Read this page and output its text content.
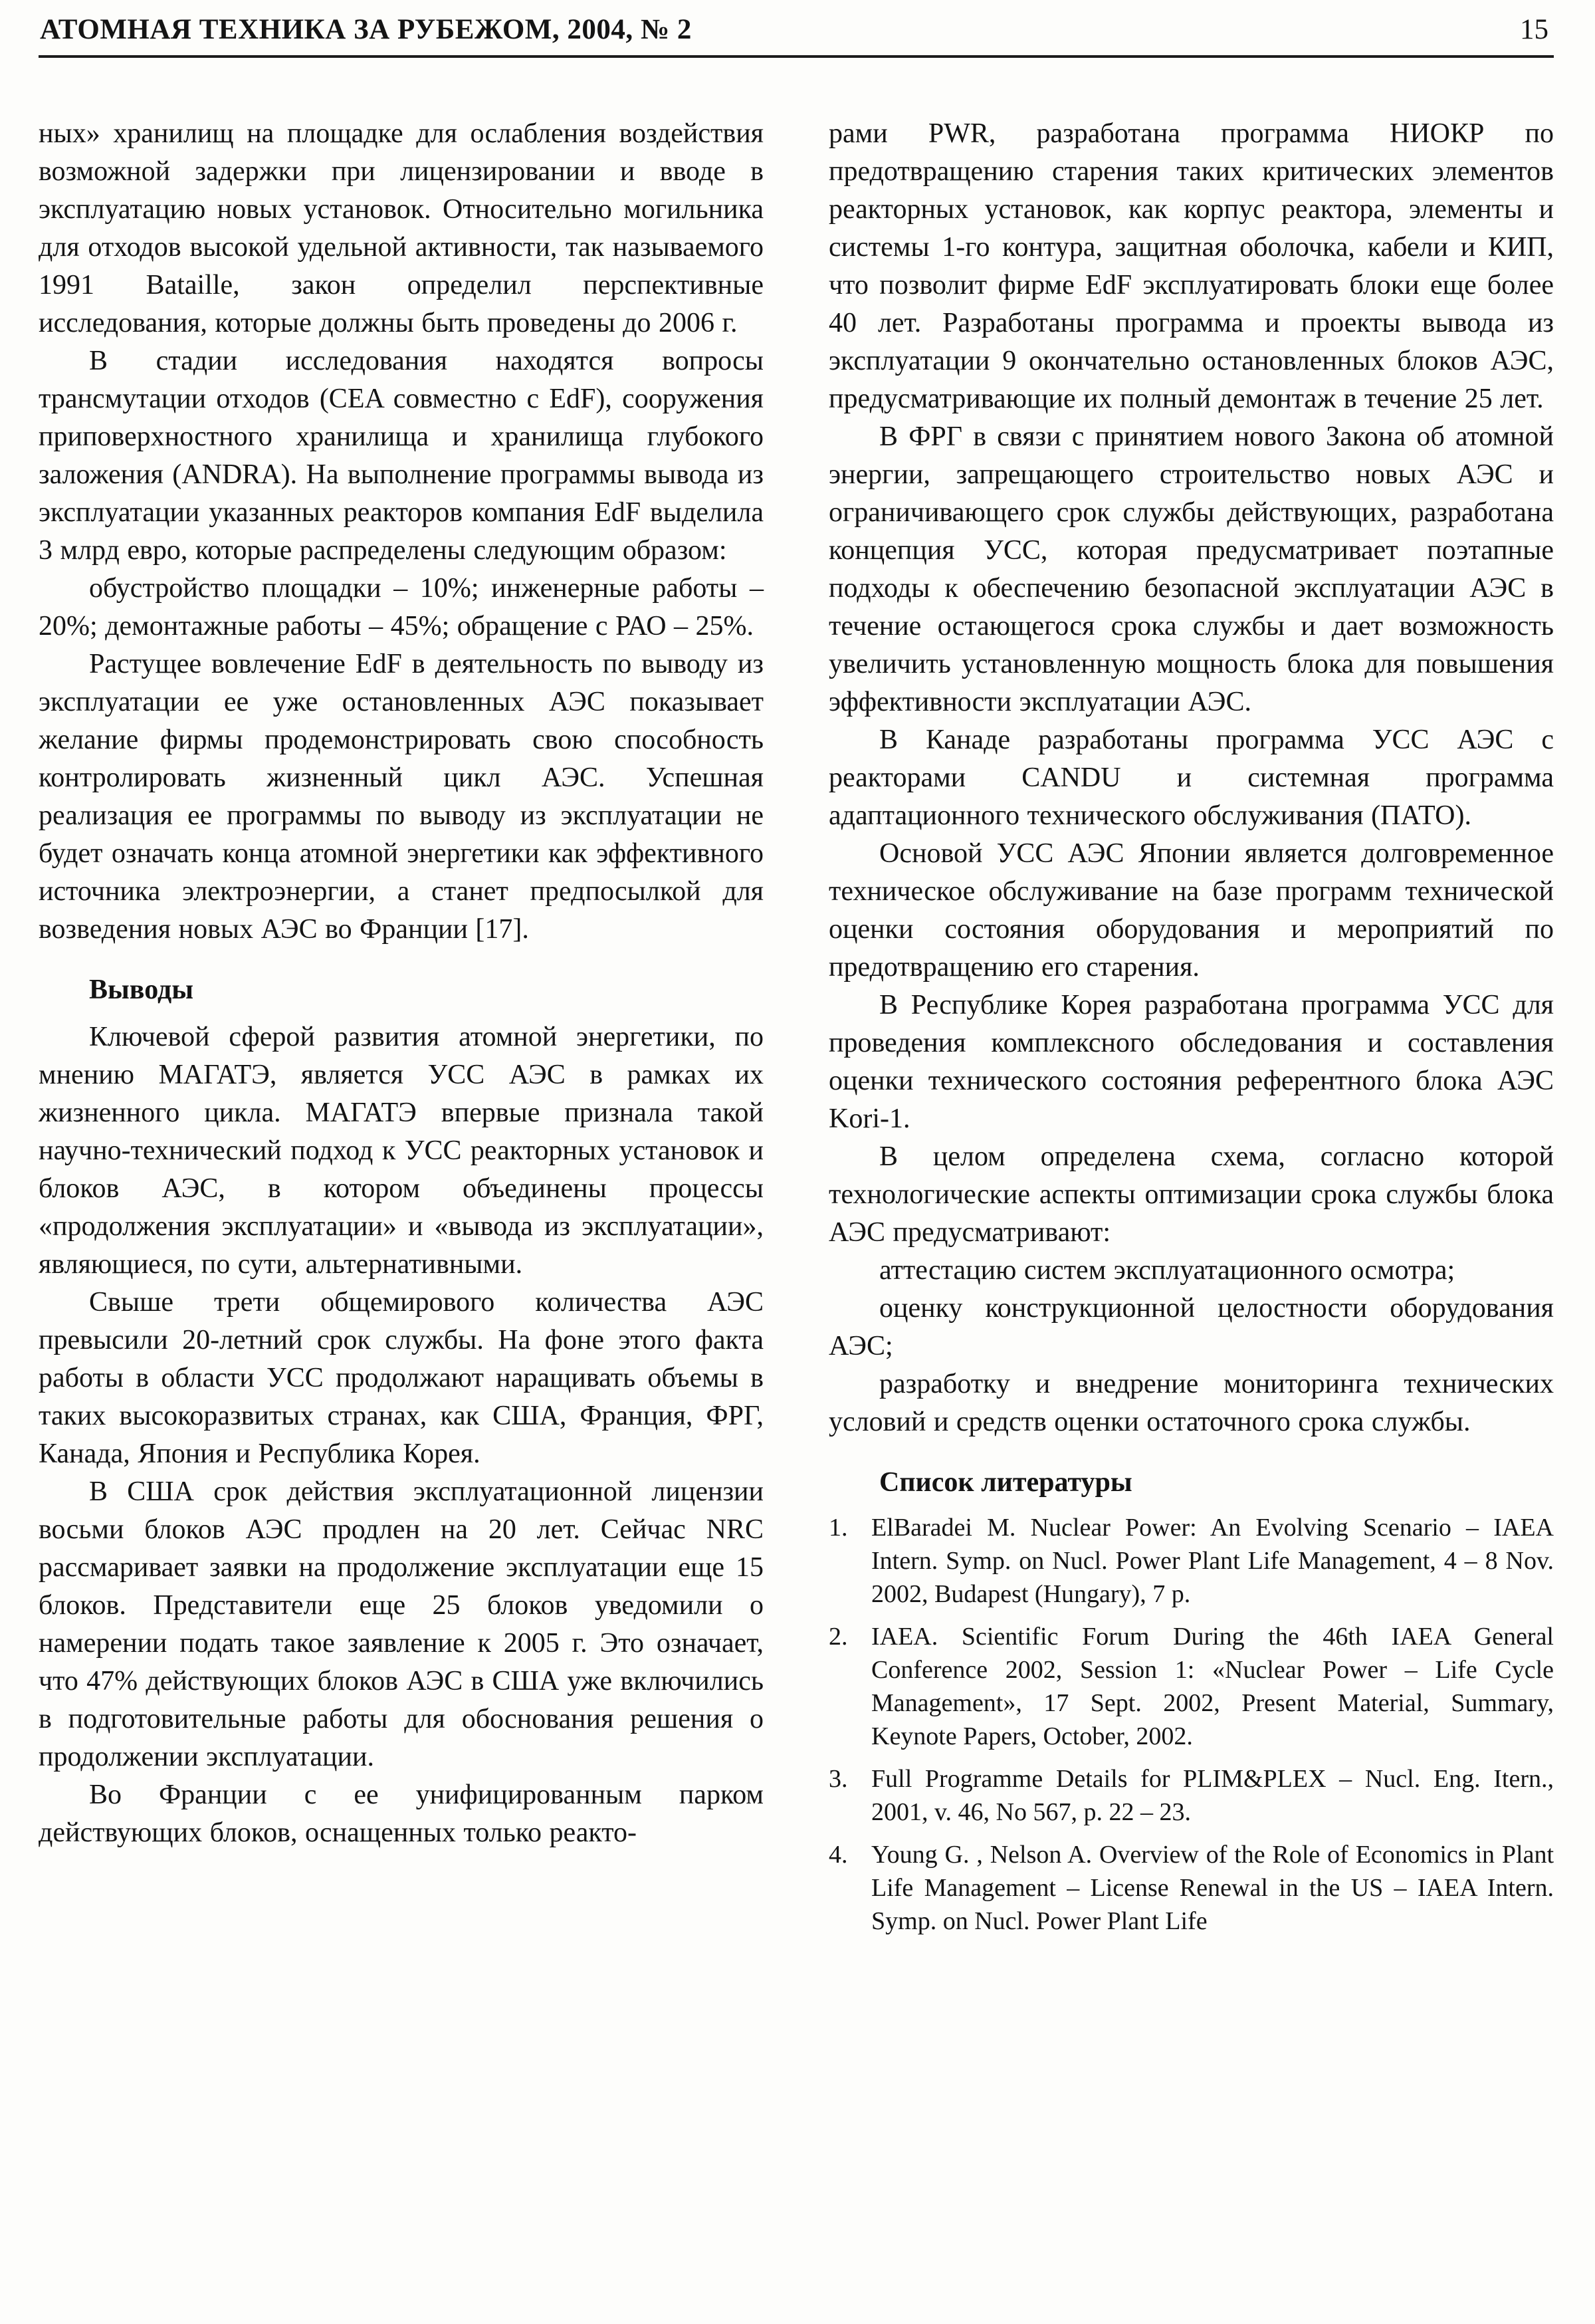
АТОМНАЯ ТЕХНИКА ЗА РУБЕЖОМ, 2004, № 2	15

ных» хранилищ на площадке для ослабления воздействия возможной задержки при лицензировании и вводе в эксплуатацию новых установок. Относительно могильника для отходов высокой удельной активности, так называемого 1991 Bataille, закон определил перспективные исследования, которые должны быть проведены до 2006 г.

В стадии исследования находятся вопросы трансмутации отходов (CEA совместно с EdF), сооружения приповерхностного хранилища и хранилища глубокого заложения (ANDRA). На выполнение программы вывода из эксплуатации указанных реакторов компания EdF выделила 3 млрд евро, которые распределены следующим образом:

обустройство площадки – 10%; инженерные работы – 20%; демонтажные работы – 45%; обращение с РАО – 25%.

Растущее вовлечение EdF в деятельность по выводу из эксплуатации ее уже остановленных АЭС показывает желание фирмы продемонстрировать свою способность контролировать жизненный цикл АЭС. Успешная реализация ее программы по выводу из эксплуатации не будет означать конца атомной энергетики как эффективного источника электроэнергии, а станет предпосылкой для возведения новых АЭС во Франции [17].

Выводы

Ключевой сферой развития атомной энергетики, по мнению МАГАТЭ, является УСС АЭС в рамках их жизненного цикла. МАГАТЭ впервые признала такой научно-технический подход к УСС реакторных установок и блоков АЭС, в котором объединены процессы «продолжения эксплуатации» и «вывода из эксплуатации», являющиеся, по сути, альтернативными.

Свыше трети общемирового количества АЭС превысили 20-летний срок службы. На фоне этого факта работы в области УСС продолжают наращивать объемы в таких высокоразвитых странах, как США, Франция, ФРГ, Канада, Япония и Республика Корея.

В США срок действия эксплуатационной лицензии восьми блоков АЭС продлен на 20 лет. Сейчас NRC рассмаривает заявки на продолжение эксплуатации еще 15 блоков. Представители еще 25 блоков уведомили о намерении подать такое заявление к 2005 г. Это означает, что 47% действующих блоков АЭС в США уже включились в подготовительные работы для обоснования решения о продолжении эксплуатации.

Во Франции с ее унифицированным парком действующих блоков, оснащенных только реакто-

рами PWR, разработана программа НИОКР по предотвращению старения таких критических элементов реакторных установок, как корпус реактора, элементы и системы 1-го контура, защитная оболочка, кабели и КИП, что позволит фирме EdF эксплуатировать блоки еще более 40 лет. Разработаны программа и проекты вывода из эксплуатации 9 окончательно остановленных блоков АЭС, предусматривающие их полный демонтаж в течение 25 лет.

В ФРГ в связи с принятием нового Закона об атомной энергии, запрещающего строительство новых АЭС и ограничивающего срок службы действующих, разработана концепция УСС, которая предусматривает поэтапные подходы к обеспечению безопасной эксплуатации АЭС в течение остающегося срока службы и дает возможность увеличить установленную мощность блока для повышения эффективности эксплуатации АЭС.

В Канаде разработаны программа УСС АЭС с реакторами CANDU и системная программа адаптационного технического обслуживания (ПАТО).

Основой УСС АЭС Японии является долговременное техническое обслуживание на базе программ технической оценки состояния оборудования и мероприятий по предотвращению его старения.

В Республике Корея разработана программа УСС для проведения комплексного обследования и составления оценки технического состояния референтного блока АЭС Kori-1.

В целом определена схема, согласно которой технологические аспекты оптимизации срока службы блока АЭС предусматривают:

аттестацию систем эксплуатационного осмотра;

оценку конструкционной целостности оборудования АЭС;

разработку и внедрение мониторинга технических условий и средств оценки остаточного срока службы.

Список литературы
1. ElBaradei M. Nuclear Power: An Evolving Scenario – IAEA Intern. Symp. on Nucl. Power Plant Life Management, 4 – 8 Nov. 2002, Budapest (Hungary), 7 p.
2. IAEA. Scientific Forum During the 46th IAEA General Conference 2002, Session 1: «Nuclear Power – Life Cycle Management», 17 Sept. 2002, Present Material, Summary, Keynote Papers, October, 2002.
3. Full Programme Details for PLIM&PLEX – Nucl. Eng. Itern., 2001, v. 46, No 567, p. 22 – 23.
4. Young G. , Nelson A. Overview of the Role of Economics in Plant Life Management – License Renewal in the US – IAEA Intern. Symp. on Nucl. Power Plant Life
